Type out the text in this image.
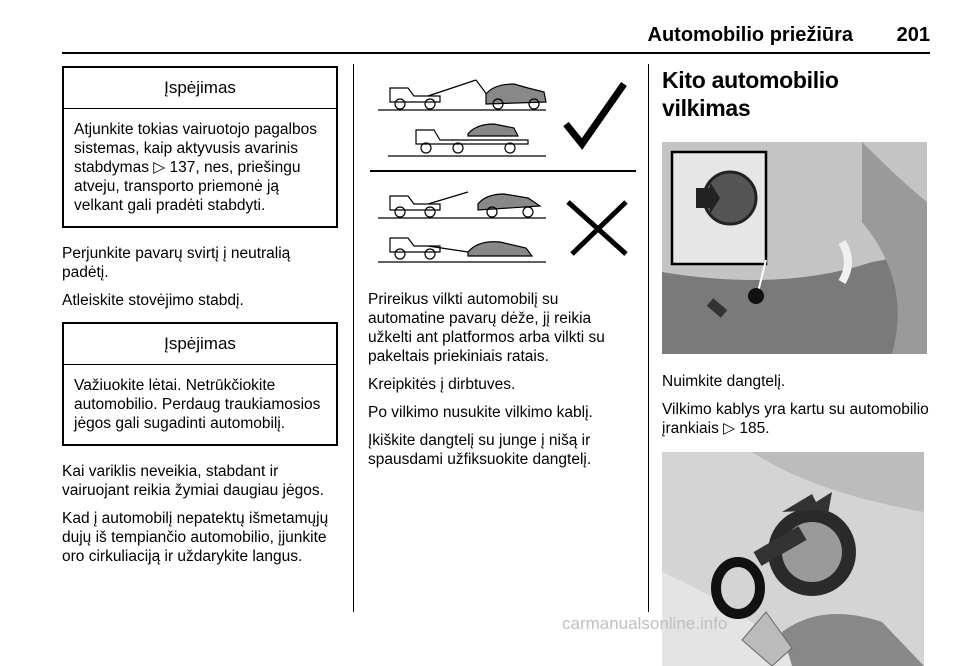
Automobilio priežiūra 201
Įspėjimas
Atjunkite tokias vairuotojo pagalbos sistemas, kaip aktyvusis avarinis stabdymas ▷ 137, nes, priešingu atveju, transporto priemonė ją velkant gali pradėti stabdyti.

Perjunkite pavarų svirtį į neutralią padėtį.

Atleiskite stovėjimo stabdį.

Įspėjimas
Važiuokite lėtai. Netrūkčiokite automobilio. Perdaug traukiamosios jėgos gali sugadinti automobilį.

Kai variklis neveikia, stabdant ir vairuojant reikia žymiai daugiau jėgos.

Kad į automobilį nepatektų išmetamųjų dujų iš tempiančio automobilio, įjunkite oro cirkuliaciją ir uždarykite langus.

Prireikus vilkti automobilį su automatine pavarų dėže, jį reikia užkelti ant platformos arba vilkti su pakeltais priekiniais ratais.

Kreipkitės į dirbtuves.

Po vilkimo nusukite vilkimo kablį.

Įkiškite dangtelį su junge į nišą ir spausdami užfiksuokite dangtelį.

Kito automobilio vilkimas

Nuimkite dangtelį.

Vilkimo kablys yra kartu su automobilio įrankiais ▷ 185.

carmanualsonline.info
